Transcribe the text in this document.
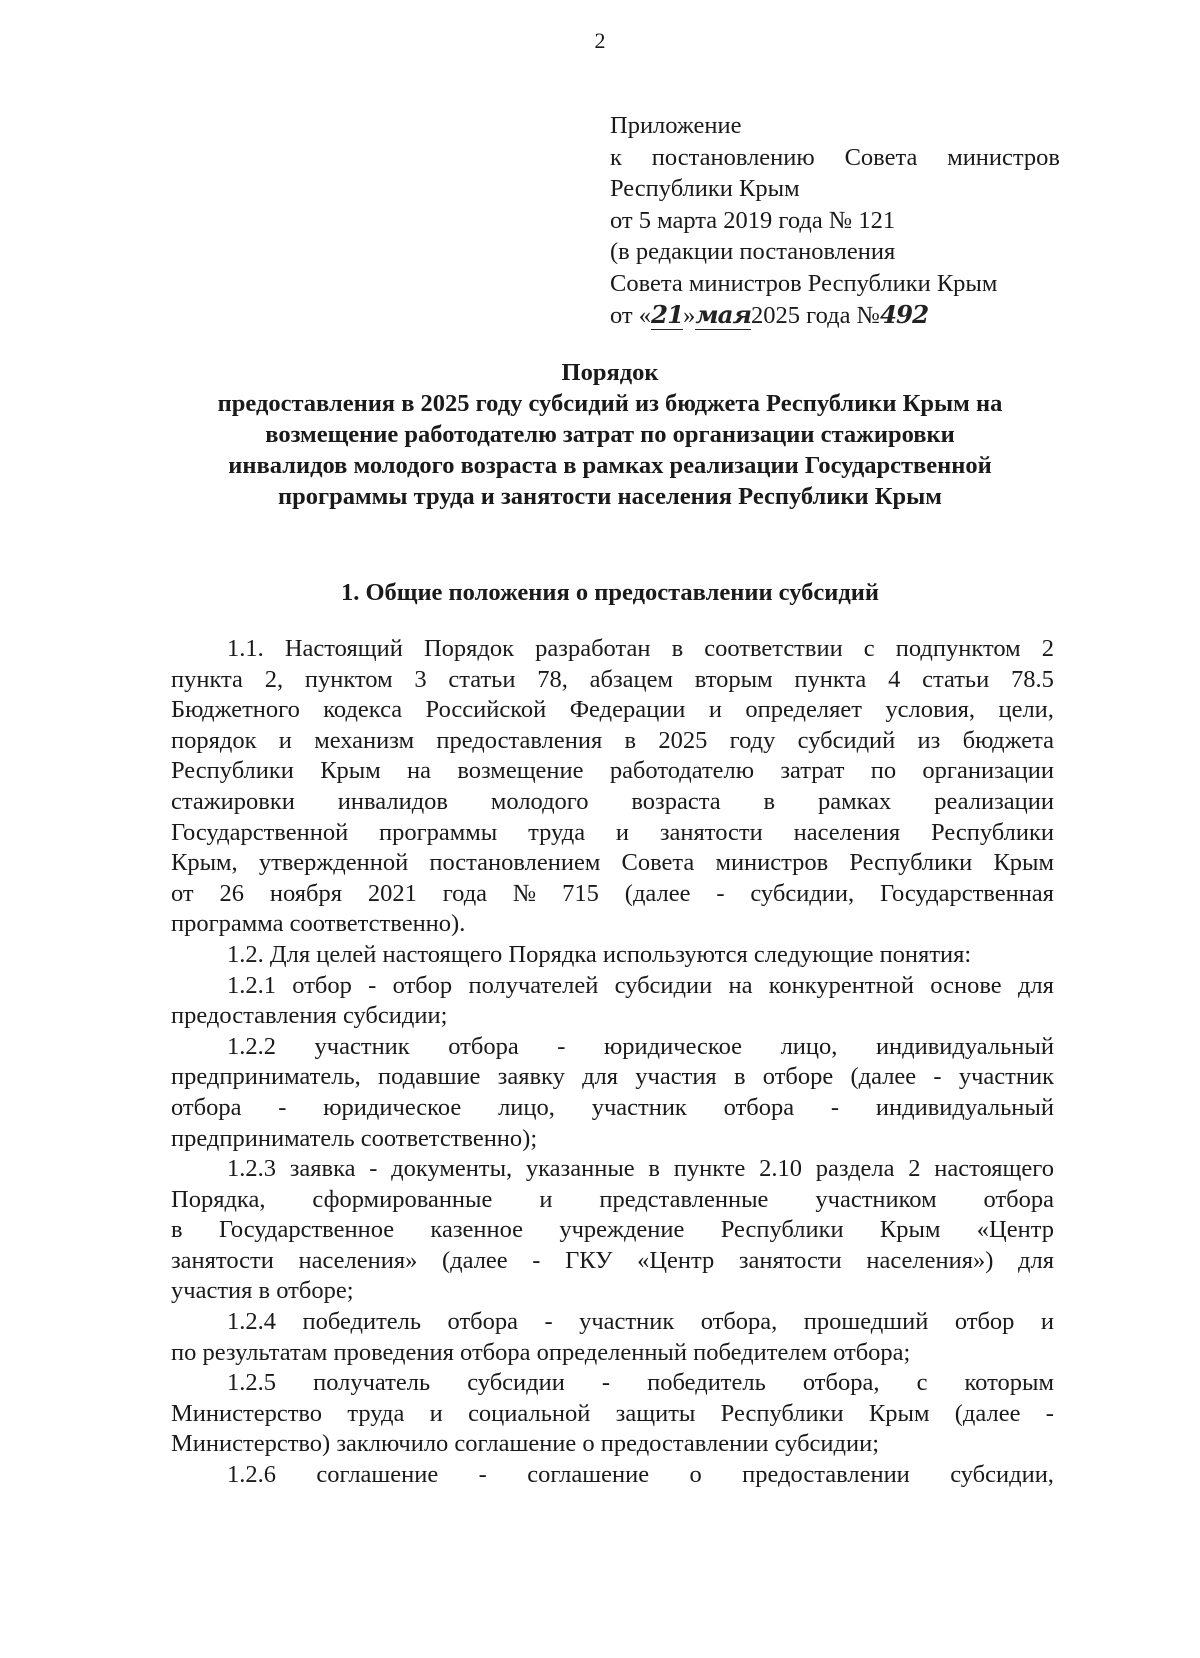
2
Приложение
к постановлению Совета министров
Республики Крым
от 5 марта 2019 года № 121
(в редакции постановления
Совета министров Республики Крым
от «21»мая2025 года №492
Порядок
предоставления в 2025 году субсидий из бюджета Республики Крым на
возмещение работодателю затрат по организации стажировки
инвалидов молодого возраста в рамках реализации Государственной
программы труда и занятости населения Республики Крым
1. Общие положения о предоставлении субсидий
1.1. Настоящий Порядок разработан в соответствии с подпунктом 2
пункта 2, пунктом 3 статьи 78, абзацем вторым пункта 4 статьи 78.5
Бюджетного кодекса Российской Федерации и определяет условия, цели,
порядок и механизм предоставления в 2025 году субсидий из бюджета
Республики Крым на возмещение работодателю затрат по организации
стажировки инвалидов молодого возраста в рамках реализации
Государственной программы труда и занятости населения Республики
Крым, утвержденной постановлением Совета министров Республики Крым
от 26 ноября 2021 года № 715 (далее - субсидии, Государственная
программа соответственно).
1.2. Для целей настоящего Порядка используются следующие понятия:
1.2.1 отбор - отбор получателей субсидии на конкурентной основе для
предоставления субсидии;
1.2.2 участник отбора - юридическое лицо, индивидуальный
предприниматель, подавшие заявку для участия в отборе (далее - участник
отбора - юридическое лицо, участник отбора - индивидуальный
предприниматель соответственно);
1.2.3 заявка - документы, указанные в пункте 2.10 раздела 2 настоящего
Порядка, сформированные и представленные участником отбора
в Государственное казенное учреждение Республики Крым «Центр
занятости населения» (далее - ГКУ «Центр занятости населения») для
участия в отборе;
1.2.4 победитель отбора - участник отбора, прошедший отбор и
по результатам проведения отбора определенный победителем отбора;
1.2.5 получатель субсидии - победитель отбора, с которым
Министерство труда и социальной защиты Республики Крым (далее -
Министерство) заключило соглашение о предоставлении субсидии;
1.2.6 соглашение - соглашение о предоставлении субсидии,
